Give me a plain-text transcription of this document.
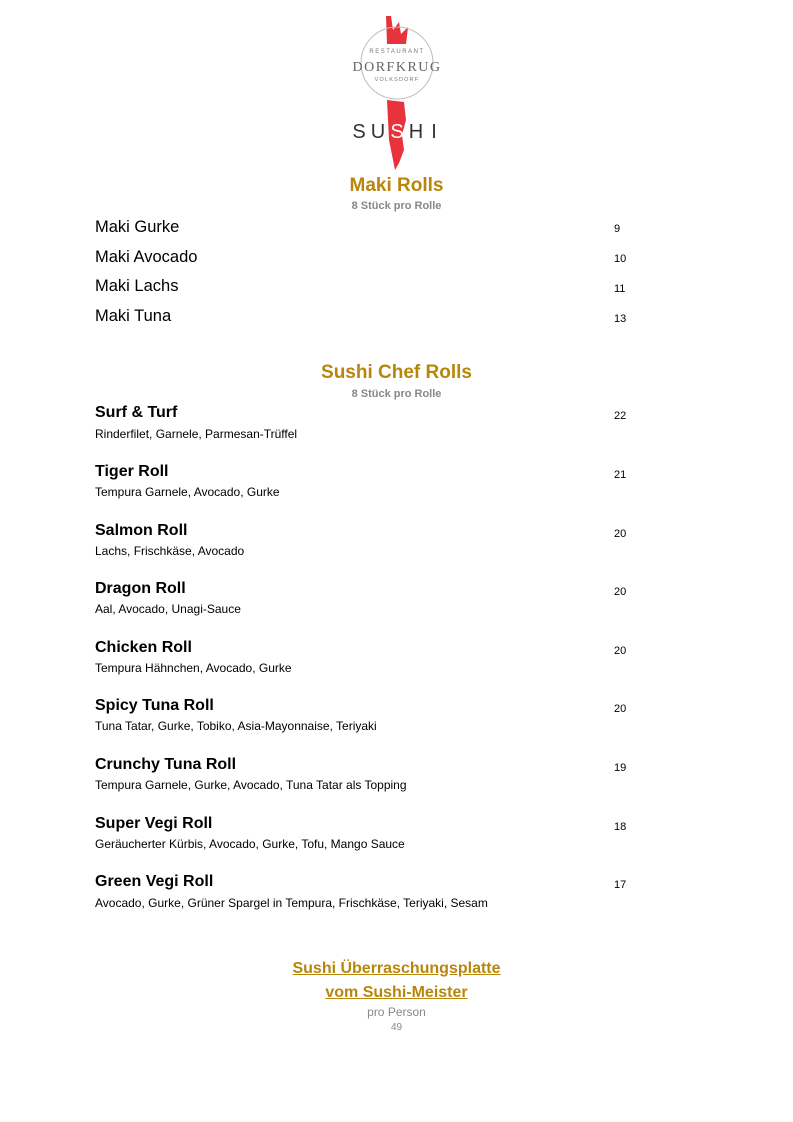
RESTAURANT
DORFKRUG
VOLKSDORF
S U S H I
Maki Rolls
8 Stück pro Rolle
Maki Gurke	9
Maki Avocado	10
Maki Lachs	11
Maki Tuna	13
Sushi Chef Rolls
8 Stück pro Rolle
Surf & Turf	22
Rinderfilet, Garnele, Parmesan-Trüffel
Tiger Roll	21
Tempura Garnele, Avocado, Gurke
Salmon Roll	20
Lachs, Frischkäse, Avocado
Dragon Roll	20
Aal, Avocado, Unagi-Sauce
Chicken Roll	20
Tempura Hähnchen, Avocado, Gurke
Spicy Tuna Roll	20
Tuna Tatar, Gurke, Tobiko, Asia-Mayonnaise, Teriyaki
Crunchy Tuna Roll	19
Tempura Garnele, Gurke, Avocado, Tuna Tatar als Topping
Super Vegi Roll	18
Geräucherter Kürbis, Avocado, Gurke, Tofu, Mango Sauce
Green Vegi Roll	17
Avocado, Gurke, Grüner Spargel in Tempura, Frischkäse, Teriyaki, Sesam
Sushi Überraschungsplatte
vom Sushi-Meister
pro Person
49
